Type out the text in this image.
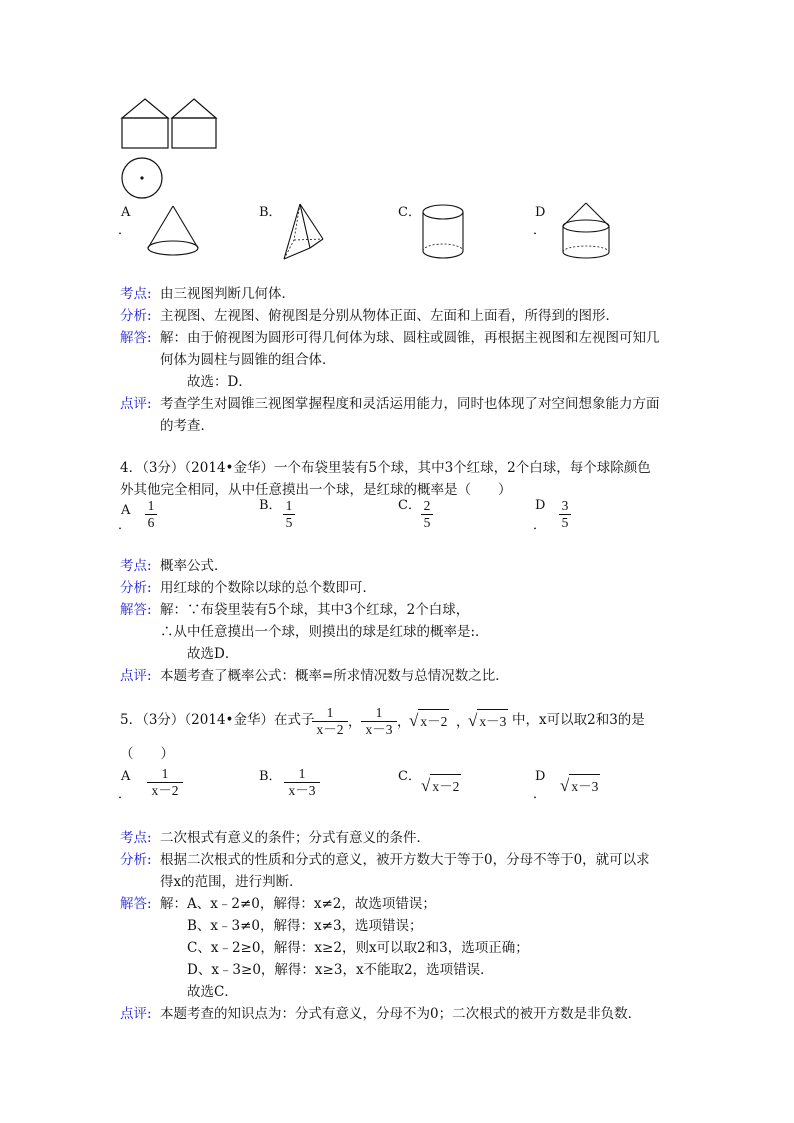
A
．
B．	C．	D
．
考点: 由三视图判断几何体．
分析: 主视图、左视图、俯视图是分别从物体正面、左面和上面看，所得到的图形．
解答: 解：由于俯视图为圆形可得几何体为球、圆柱或圆锥，再根据主视图和左视图可知几
何体为圆柱与圆锥的组合体．
故选：D．
点评: 考查学生对圆锥三视图掌握程度和灵活运用能力，同时也体现了对空间想象能力方面
的考查．
4．（3分）（2014•金华）一个布袋里装有5个球，其中3个红球，2个白球，每个球除颜色
外其他完全相同，从中任意摸出一个球，是红球的概率是（　　）
A
．
1
6
B． 1
5
C． 2
5
D
．
3
5
考点: 概率公式．
分析: 用红球的个数除以球的总个数即可．
解答: 解：∵布袋里装有5个球，其中3个红球，2个白球，
∴从中任意摸出一个球，则摸出的球是红球的概率是:．
故选D．
点评: 本题考查了概率公式：概率=所求情况数与总情况数之比．
5．（3分）（2014•金华）在式子 1
x－2 ，
1
x－3 ，
√ x－2 ，
√ x－3 中，x可以取2和3的是
（　　）
A
．
1
x－2
B．	1
x－3
C． √ x－2
D
． √ x－3
考点: 二次根式有意义的条件；分式有意义的条件．
分析: 根据二次根式的性质和分式的意义，被开方数大于等于0，分母不等于0，就可以求
得x的范围，进行判断．
解答: 解：A、x﹣2≠0，解得：x≠2，故选项错误；
B、x﹣3≠0，解得：x≠3，选项错误；
C、x﹣2≥0，解得：x≥2，则x可以取2和3，选项正确；
D、x﹣3≥0，解得：x≥3，x不能取2，选项错误．
故选C．
点评: 本题考查的知识点为：分式有意义，分母不为0；二次根式的被开方数是非负数．
